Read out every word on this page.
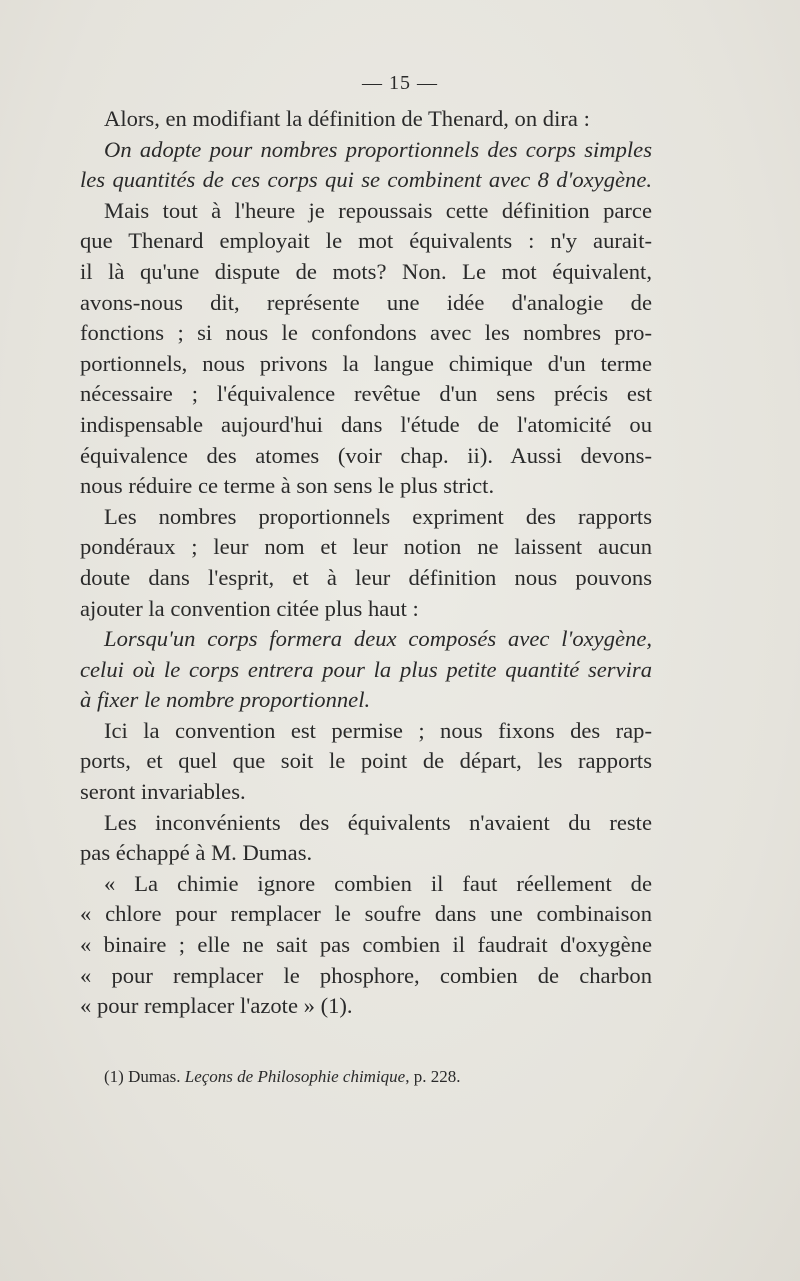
— 15 —
Alors, en modifiant la définition de Thenard, on dira :
On adopte pour nombres proportionnels des corps simples
les quantités de ces corps qui se combinent avec 8 d'oxygène.
Mais tout à l'heure je repoussais cette définition parce
que Thenard employait le mot équivalents : n'y aurait-
il là qu'une dispute de mots? Non. Le mot équivalent,
avons-nous dit, représente une idée d'analogie de
fonctions ; si nous le confondons avec les nombres pro-
portionnels, nous privons la langue chimique d'un terme
nécessaire ; l'équivalence revêtue d'un sens précis est
indispensable aujourd'hui dans l'étude de l'atomicité ou
équivalence des atomes (voir chap. ii). Aussi devons-
nous réduire ce terme à son sens le plus strict.
Les nombres proportionnels expriment des rapports
pondéraux ; leur nom et leur notion ne laissent aucun
doute dans l'esprit, et à leur définition nous pouvons
ajouter la convention citée plus haut :
Lorsqu'un corps formera deux composés avec l'oxygène,
celui où le corps entrera pour la plus petite quantité servira
à fixer le nombre proportionnel.
Ici la convention est permise ; nous fixons des rap-
ports, et quel que soit le point de départ, les rapports
seront invariables.
Les inconvénients des équivalents n'avaient du reste
pas échappé à M. Dumas.
« La chimie ignore combien il faut réellement de
« chlore pour remplacer le soufre dans une combinaison
« binaire ; elle ne sait pas combien il faudrait d'oxygène
« pour remplacer le phosphore, combien de charbon
« pour remplacer l'azote » (1).
(1) Dumas. Leçons de Philosophie chimique, p. 228.
